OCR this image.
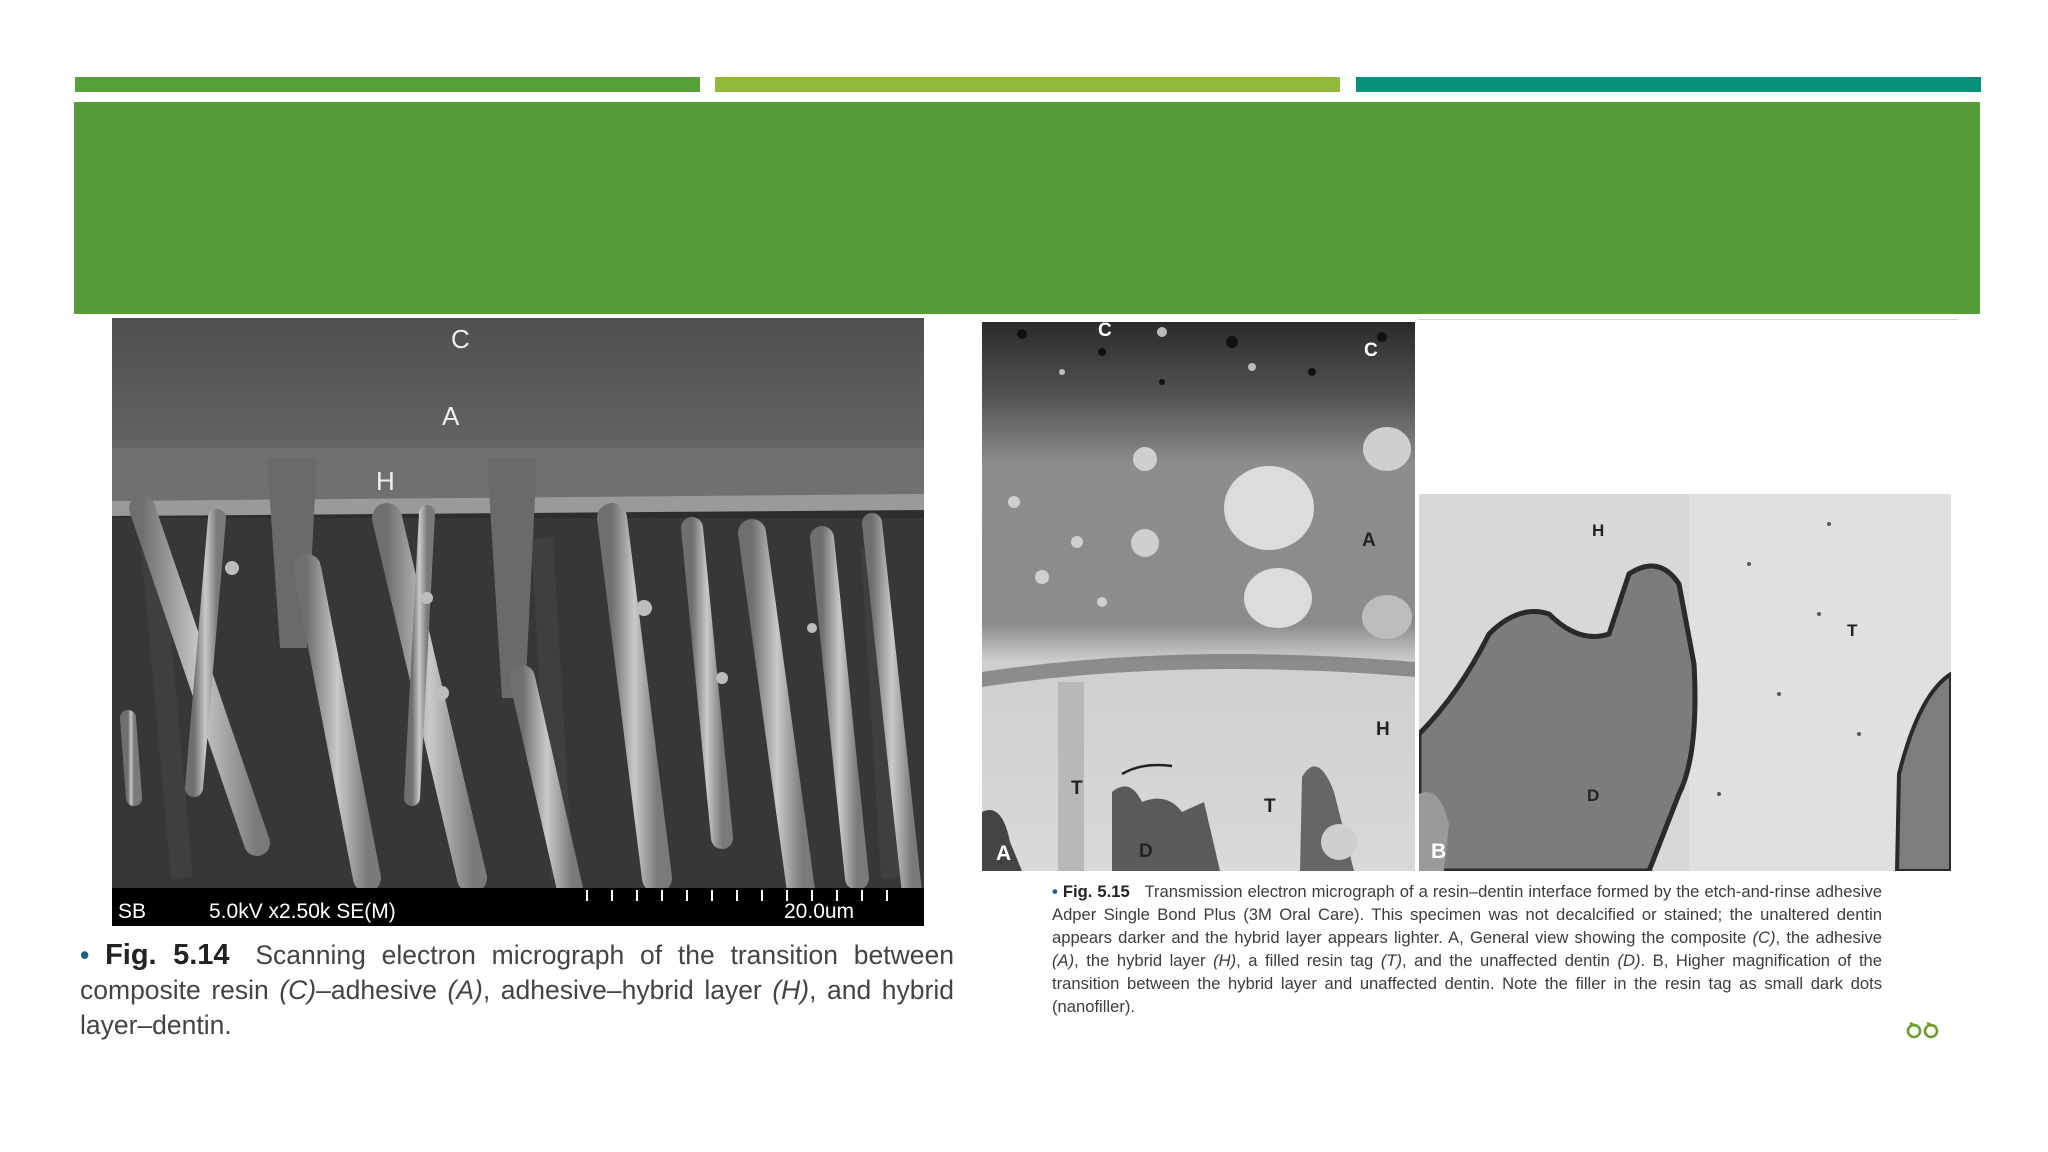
C
A
H
SB	5.0kV x2.50k SE(M)	20.0um
C
C
A
H
T
T
D
A
H
T
D
B
• Fig. 5.14 Scanning electron micrograph of the transition between composite resin (C)–adhesive (A), adhesive–hybrid layer (H), and hybrid layer–dentin.
• Fig. 5.15 Transmission electron micrograph of a resin–dentin interface formed by the etch-and-rinse adhesive Adper Single Bond Plus (3M Oral Care). This specimen was not decalcified or stained; the unaltered dentin appears darker and the hybrid layer appears lighter. A, General view showing the composite (C), the adhesive (A), the hybrid layer (H), a filled resin tag (T), and the unaffected dentin (D). B, Higher magnification of the transition between the hybrid layer and unaffected dentin. Note the filler in the resin tag as small dark dots (nanofiller).
